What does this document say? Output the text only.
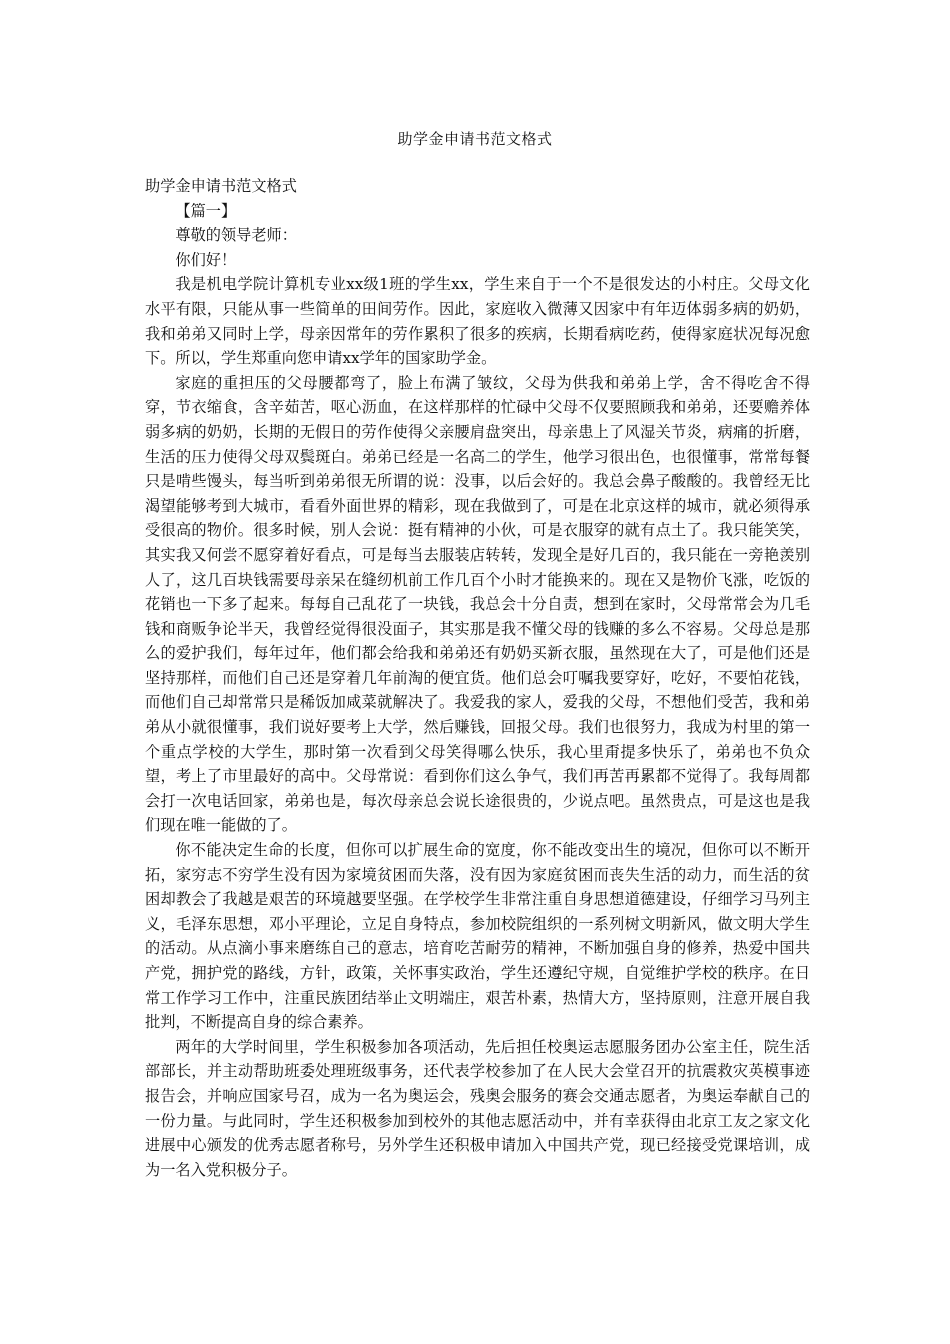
助学金申请书范文格式

助学金申请书范文格式

【篇一】

尊敬的领导老师：

你们好！

我是机电学院计算机专业xx级1班的学生xx，学生来自于一个不是很发达的小村庄。父母文化水平有限，只能从事一些简单的田间劳作。因此，家庭收入微薄又因家中有年迈体弱多病的奶奶，我和弟弟又同时上学，母亲因常年的劳作累积了很多的疾病，长期看病吃药，使得家庭状况每况愈下。所以，学生郑重向您申请xx学年的国家助学金。

家庭的重担压的父母腰都弯了，脸上布满了皱纹，父母为供我和弟弟上学，舍不得吃舍不得穿，节衣缩食，含辛茹苦，呕心沥血，在这样那样的忙碌中父母不仅要照顾我和弟弟，还要赡养体弱多病的奶奶，长期的无假日的劳作使得父亲腰肩盘突出，母亲患上了风湿关节炎，病痛的折磨，生活的压力使得父母双鬓斑白。弟弟已经是一名高二的学生，他学习很出色，也很懂事，常常每餐只是啃些馒头，每当听到弟弟很无所谓的说：没事，以后会好的。我总会鼻子酸酸的。我曾经无比渴望能够考到大城市，看看外面世界的精彩，现在我做到了，可是在北京这样的城市，就必须得承受很高的物价。很多时候，别人会说：挺有精神的小伙，可是衣服穿的就有点土了。我只能笑笑，其实我又何尝不愿穿着好看点，可是每当去服装店转转，发现全是好几百的，我只能在一旁艳羡别人了，这几百块钱需要母亲呆在缝纫机前工作几百个小时才能换来的。现在又是物价飞涨，吃饭的花销也一下多了起来。每每自己乱花了一块钱，我总会十分自责，想到在家时，父母常常会为几毛钱和商贩争论半天，我曾经觉得很没面子，其实那是我不懂父母的钱赚的多么不容易。父母总是那么的爱护我们，每年过年，他们都会给我和弟弟还有奶奶买新衣服，虽然现在大了，可是他们还是坚持那样，而他们自己还是穿着几年前淘的便宜货。他们总会叮嘱我要穿好，吃好，不要怕花钱，而他们自己却常常只是稀饭加咸菜就解决了。我爱我的家人，爱我的父母，不想他们受苦，我和弟弟从小就很懂事，我们说好要考上大学，然后赚钱，回报父母。我们也很努力，我成为村里的第一个重点学校的大学生，那时第一次看到父母笑得哪么快乐，我心里甭提多快乐了，弟弟也不负众望，考上了市里最好的高中。父母常说：看到你们这么争气，我们再苦再累都不觉得了。我每周都会打一次电话回家，弟弟也是，每次母亲总会说长途很贵的，少说点吧。虽然贵点，可是这也是我们现在唯一能做的了。

你不能决定生命的长度，但你可以扩展生命的宽度，你不能改变出生的境况，但你可以不断开拓，家穷志不穷学生没有因为家境贫困而失落，没有因为家庭贫困而丧失生活的动力，而生活的贫困却教会了我越是艰苦的环境越要坚强。在学校学生非常注重自身思想道德建设，仔细学习马列主义，毛泽东思想，邓小平理论，立足自身特点，参加校院组织的一系列树文明新风，做文明大学生的活动。从点滴小事来磨练自己的意志，培育吃苦耐劳的精神，不断加强自身的修养，热爱中国共产党，拥护党的路线，方针，政策，关怀事实政治，学生还遵纪守规，自觉维护学校的秩序。在日常工作学习工作中，注重民族团结举止文明端庄，艰苦朴素，热情大方，坚持原则，注意开展自我批判，不断提高自身的综合素养。

两年的大学时间里，学生积极参加各项活动，先后担任校奥运志愿服务团办公室主任，院生活部部长，并主动帮助班委处理班级事务，还代表学校参加了在人民大会堂召开的抗震救灾英模事迹报告会，并响应国家号召，成为一名为奥运会，残奥会服务的赛会交通志愿者，为奥运奉献自己的一份力量。与此同时，学生还积极参加到校外的其他志愿活动中，并有幸获得由北京工友之家文化进展中心颁发的优秀志愿者称号，另外学生还积极申请加入中国共产党，现已经接受党课培训，成为一名入党积极分子。
